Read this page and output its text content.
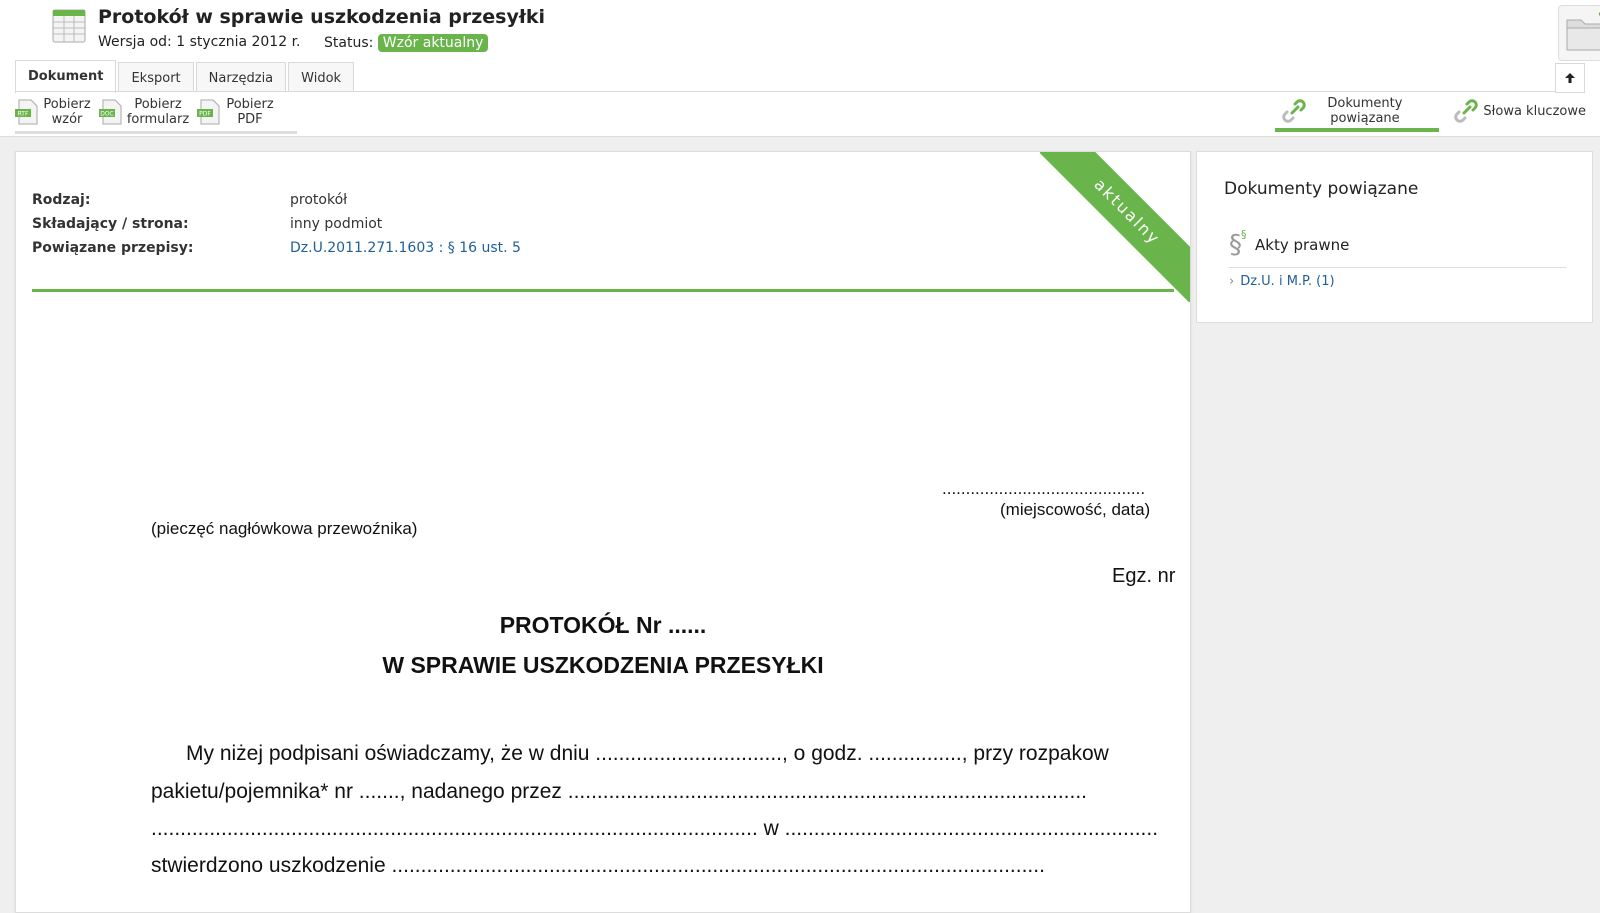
Protokół w sprawie uszkodzenia przesyłki
Wersja od: 1 stycznia 2012 r. Status: Wzór aktualny
Dokument	Eksport	Narzędzia	Widok
RTF
Pobierz
wzór	DOC
Pobierz
formularz	PDF
Pobierz
PDF
Dokumenty
powiązane	Słowa kluczowe
aktualny
Rodzaj:	protokół
Składający / strona:	inny podmiot
Powiązane przepisy:	Dz.U.2011.271.1603 : § 16 ust. 5
...........................................
(miejscowość, data)
(pieczęć nagłówkowa przewoźnika)
Egz. nr
PROTOKÓŁ Nr ......
W SPRAWIE USZKODZENIA PRZESYŁKI
My niżej podpisani oświadczamy, że w dniu ................................, o godz. ................, przy rozpakow
pakietu/pojemnika* nr ......., nadanego przez .........................................................................................
........................................................................................................ w ................................................................
stwierdzono uszkodzenie ................................................................................................................
Dokumenty powiązane
§ §
Akty prawne
› Dz.U. i M.P. (1)
